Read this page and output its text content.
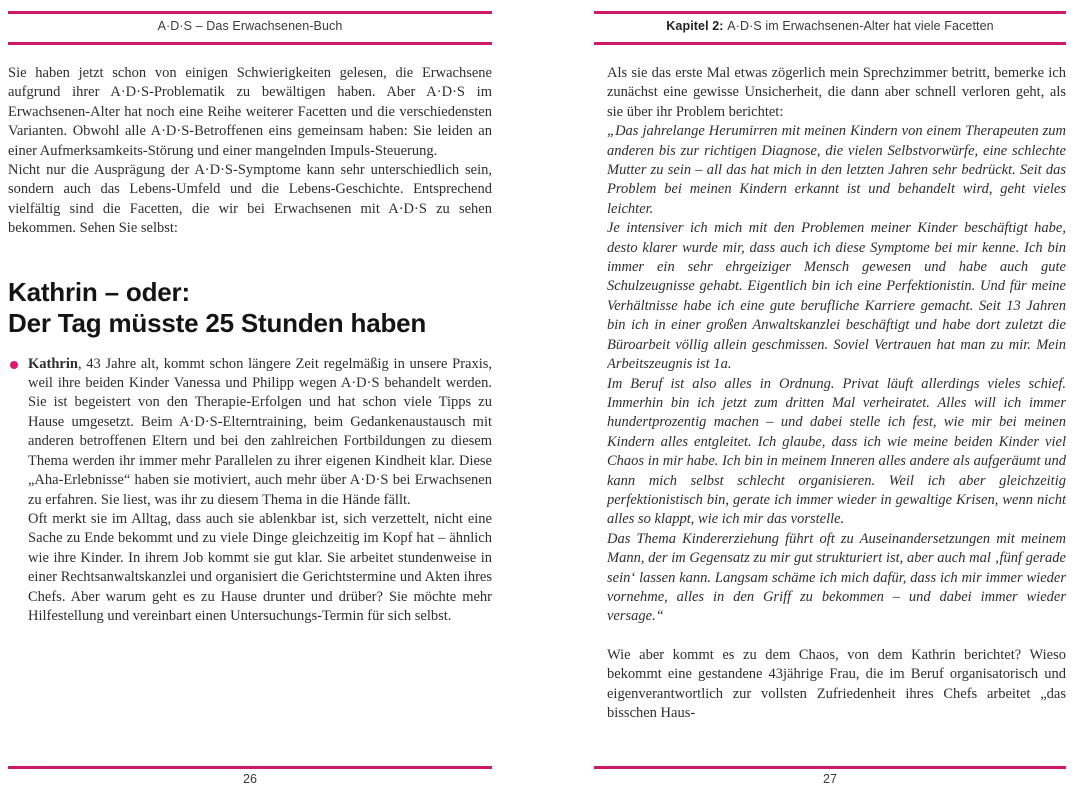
A·D·S – Das Erwachsenen-Buch

Sie haben jetzt schon von einigen Schwierigkeiten gelesen, die Erwachsene aufgrund ihrer A·D·S-Problematik zu bewältigen haben. Aber A·D·S im Erwachsenen-Alter hat noch eine Reihe weiterer Facetten und die verschiedensten Varianten. Obwohl alle A·D·S-Betroffenen eins gemeinsam haben: Sie leiden an einer Aufmerksamkeits-Störung und einer mangelnden Impuls-Steuerung.

Nicht nur die Ausprägung der A·D·S-Symptome kann sehr unterschiedlich sein, sondern auch das Lebens-Umfeld und die Lebens-Geschichte. Entsprechend vielfältig sind die Facetten, die wir bei Erwachsenen mit A·D·S zu sehen bekommen. Sehen Sie selbst:

Kathrin – oder:
Der Tag müsste 25 Stunden haben

Kathrin, 43 Jahre alt, kommt schon längere Zeit regelmäßig in unsere Praxis, weil ihre beiden Kinder Vanessa und Philipp wegen A·D·S behandelt werden. Sie ist begeistert von den Therapie-Erfolgen und hat schon viele Tipps zu Hause umgesetzt. Beim A·D·S-Elterntraining, beim Gedankenaustausch mit anderen betroffenen Eltern und bei den zahlreichen Fortbildungen zu diesem Thema werden ihr immer mehr Parallelen zu ihrer eigenen Kindheit klar. Diese „Aha-Erlebnisse“ haben sie motiviert, auch mehr über A·D·S bei Erwachsenen zu erfahren. Sie liest, was ihr zu diesem Thema in die Hände fällt.

Oft merkt sie im Alltag, dass auch sie ablenkbar ist, sich verzettelt, nicht eine Sache zu Ende bekommt und zu viele Dinge gleichzeitig im Kopf hat – ähnlich wie ihre Kinder. In ihrem Job kommt sie gut klar. Sie arbeitet stundenweise in einer Rechtsanwaltskanzlei und organisiert die Gerichtstermine und Akten ihres Chefs. Aber warum geht es zu Hause drunter und drüber? Sie möchte mehr Hilfestellung und vereinbart einen Untersuchungs-Termin für sich selbst.

26
Kapitel 2: A·D·S im Erwachsenen-Alter hat viele Facetten

Als sie das erste Mal etwas zögerlich mein Sprechzimmer betritt, bemerke ich zunächst eine gewisse Unsicherheit, die dann aber schnell verloren geht, als sie über ihr Problem berichtet:

„Das jahrelange Herumirren mit meinen Kindern von einem Therapeuten zum anderen bis zur richtigen Diagnose, die vielen Selbstvorwürfe, eine schlechte Mutter zu sein – all das hat mich in den letzten Jahren sehr bedrückt. Seit das Problem bei meinen Kindern erkannt ist und behandelt wird, geht vieles leichter.

Je intensiver ich mich mit den Problemen meiner Kinder beschäftigt habe, desto klarer wurde mir, dass auch ich diese Symptome bei mir kenne. Ich bin immer ein sehr ehrgeiziger Mensch gewesen und habe auch gute Schulzeugnisse gehabt. Eigentlich bin ich eine Perfektionistin. Und für meine Verhältnisse habe ich eine gute berufliche Karriere gemacht. Seit 13 Jahren bin ich in einer großen Anwaltskanzlei beschäftigt und habe dort zuletzt die Büroarbeit völlig allein geschmissen. Soviel Vertrauen hat man zu mir. Mein Arbeitszeugnis ist 1a.

Im Beruf ist also alles in Ordnung. Privat läuft allerdings vieles schief. Immerhin bin ich jetzt zum dritten Mal verheiratet. Alles will ich immer hundertprozentig machen – und dabei stelle ich fest, wie mir bei meinen Kindern alles entgleitet. Ich glaube, dass ich wie meine beiden Kinder viel Chaos in mir habe. Ich bin in meinem Inneren alles andere als aufgeräumt und kann mich selbst schlecht organisieren. Weil ich aber gleichzeitig perfektionistisch bin, gerate ich immer wieder in gewaltige Krisen, wenn nicht alles so klappt, wie ich mir das vorstelle.

Das Thema Kindererziehung führt oft zu Auseinandersetzungen mit meinem Mann, der im Gegensatz zu mir gut strukturiert ist, aber auch mal ‚fünf gerade sein‘ lassen kann. Langsam schäme ich mich dafür, dass ich mir immer wieder vornehme, alles in den Griff zu bekommen – und dabei immer wieder versage.“

Wie aber kommt es zu dem Chaos, von dem Kathrin berichtet? Wieso bekommt eine gestandene 43jährige Frau, die im Beruf organisatorisch und eigenverantwortlich zur vollsten Zufriedenheit ihres Chefs arbeitet „das bisschen Haus-

27
